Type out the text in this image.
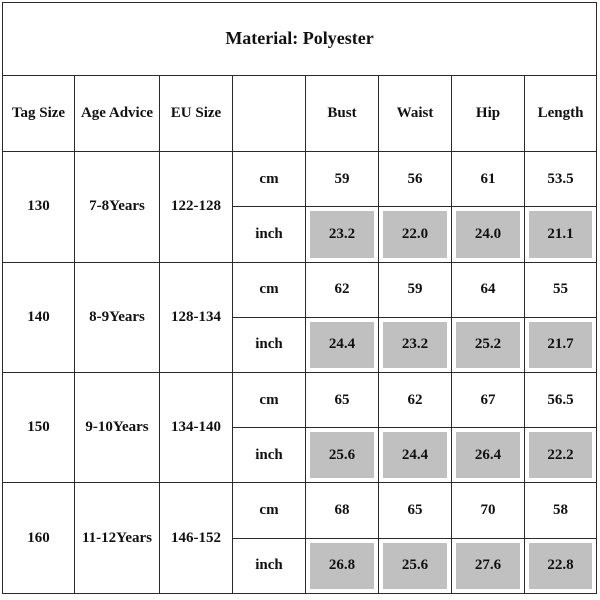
Material: Polyester							
Tag Size	Age Advice	EU Size		Bust	Waist	Hip	Length
130	7-8Years	122-128	cm	59	56	61	53.5
			inch	23.2	22.0	24.0	21.1
140	8-9Years	128-134	cm	62	59	64	55
			inch	24.4	23.2	25.2	21.7
150	9-10Years	134-140	cm	65	62	67	56.5
			inch	25.6	24.4	26.4	22.2
160	11-12Years	146-152	cm	68	65	70	58
			inch	26.8	25.6	27.6	22.8
